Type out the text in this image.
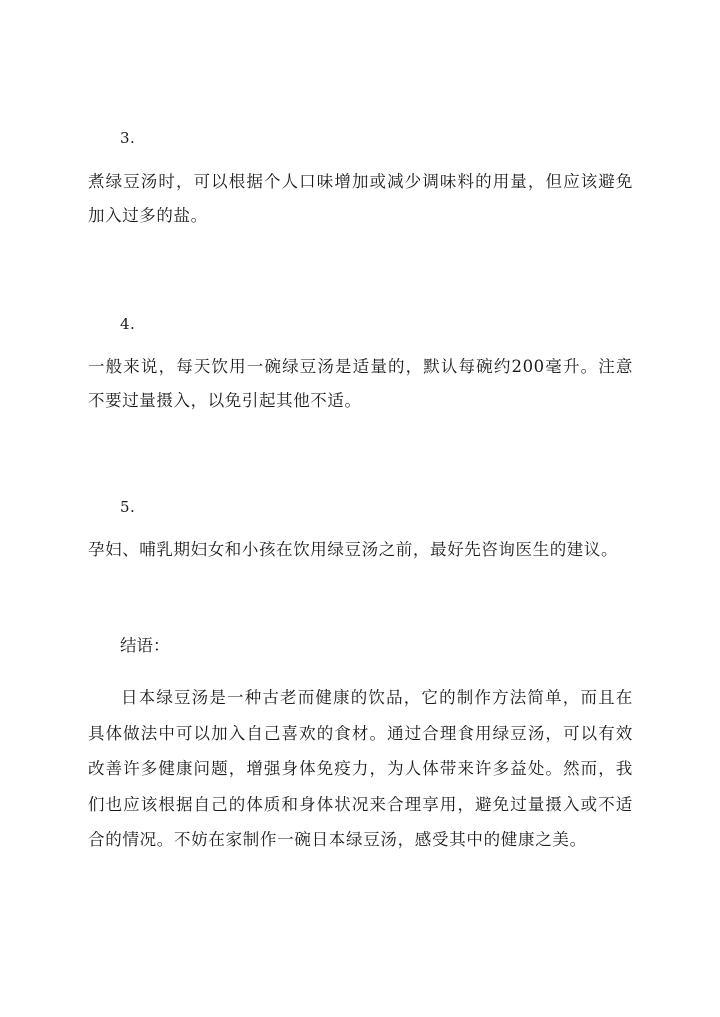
3.
煮绿豆汤时，可以根据个人口味增加或减少调味料的用量，但应该避免加入过多的盐。
4.
一般来说，每天饮用一碗绿豆汤是适量的，默认每碗约200毫升。注意不要过量摄入，以免引起其他不适。
5.
孕妇、哺乳期妇女和小孩在饮用绿豆汤之前，最好先咨询医生的建议。
结语：
日本绿豆汤是一种古老而健康的饮品，它的制作方法简单，而且在具体做法中可以加入自己喜欢的食材。通过合理食用绿豆汤，可以有效改善许多健康问题，增强身体免疫力，为人体带来许多益处。然而，我们也应该根据自己的体质和身体状况来合理享用，避免过量摄入或不适合的情况。不妨在家制作一碗日本绿豆汤，感受其中的健康之美。
